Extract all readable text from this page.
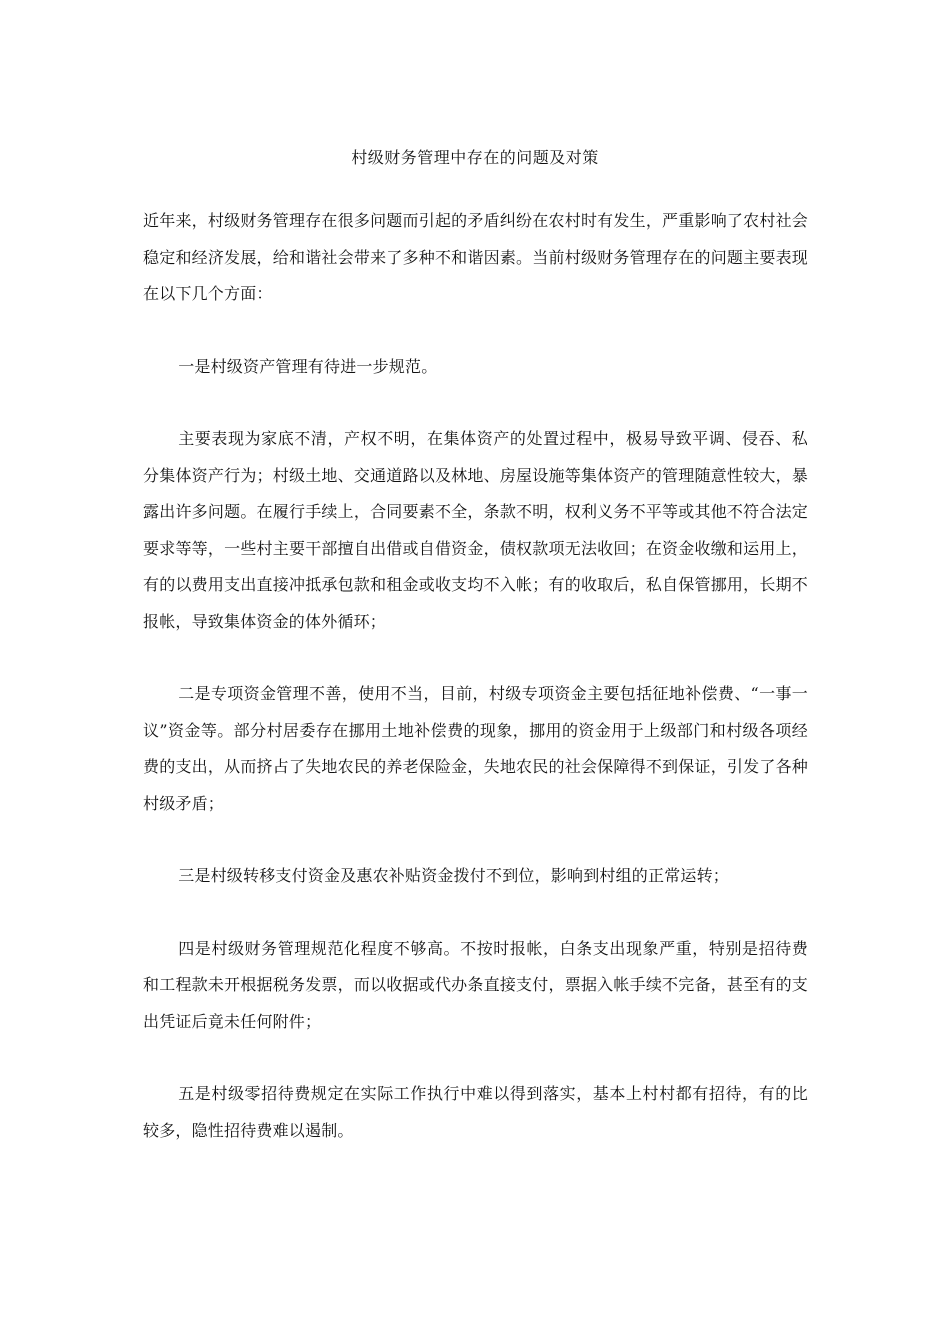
村级财务管理中存在的问题及对策

近年来，村级财务管理存在很多问题而引起的矛盾纠纷在农村时有发生，严重影响了农村社会稳定和经济发展，给和谐社会带来了多种不和谐因素。当前村级财务管理存在的问题主要表现在以下几个方面：

一是村级资产管理有待进一步规范。

主要表现为家底不清，产权不明，在集体资产的处置过程中，极易导致平调、侵吞、私分集体资产行为；村级土地、交通道路以及林地、房屋设施等集体资产的管理随意性较大，暴露出许多问题。在履行手续上，合同要素不全，条款不明，权利义务不平等或其他不符合法定要求等等，一些村主要干部擅自出借或自借资金，债权款项无法收回；在资金收缴和运用上，有的以费用支出直接冲抵承包款和租金或收支均不入帐；有的收取后，私自保管挪用，长期不报帐，导致集体资金的体外循环；

二是专项资金管理不善，使用不当，目前，村级专项资金主要包括征地补偿费、“一事一议”资金等。部分村居委存在挪用土地补偿费的现象，挪用的资金用于上级部门和村级各项经费的支出，从而挤占了失地农民的养老保险金，失地农民的社会保障得不到保证，引发了各种村级矛盾；

三是村级转移支付资金及惠农补贴资金拨付不到位，影响到村组的正常运转；

四是村级财务管理规范化程度不够高。不按时报帐，白条支出现象严重，特别是招待费和工程款未开根据税务发票，而以收据或代办条直接支付，票据入帐手续不完备，甚至有的支出凭证后竟未任何附件；

五是村级零招待费规定在实际工作执行中难以得到落实，基本上村村都有招待，有的比较多，隐性招待费难以遏制。
